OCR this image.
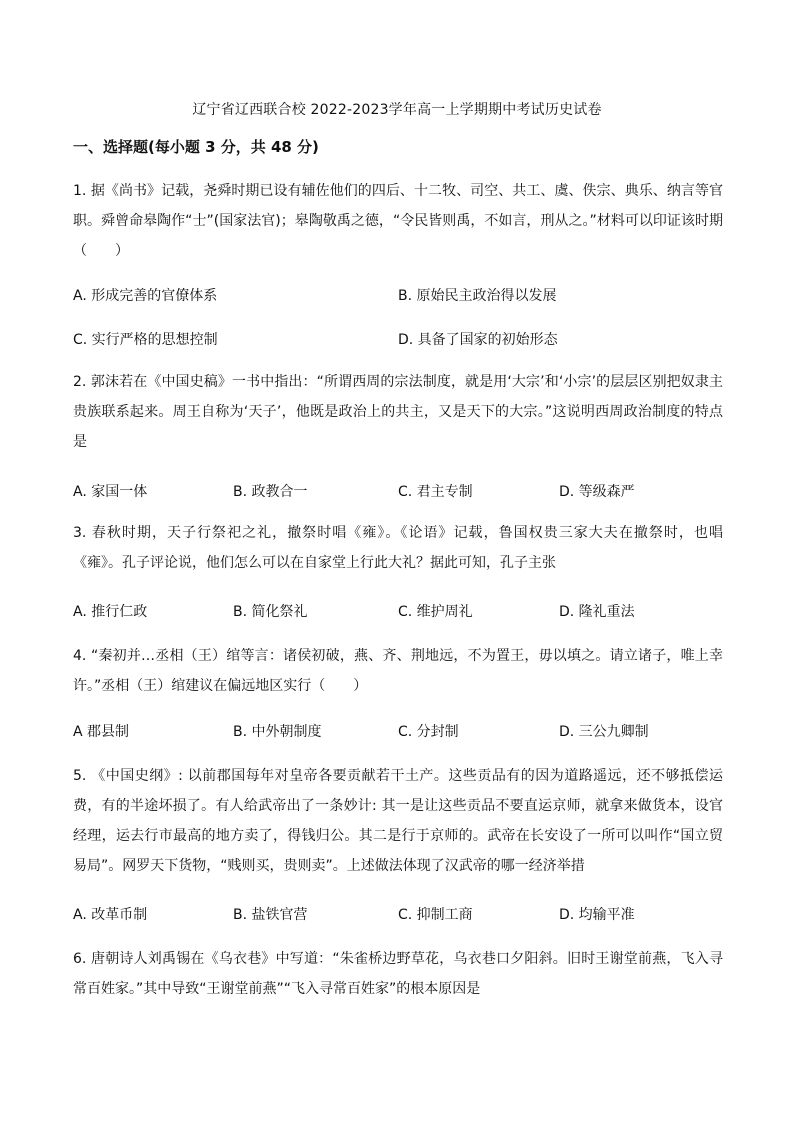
辽宁省辽西联合校 2022-2023学年高一上学期期中考试历史试卷
一、选择题(每小题 3 分，共 48 分)

1. 据《尚书》记载，尧舜时期已设有辅佐他们的四后、十二牧、司空、共工、虞、佚宗、典乐、纳言等官职。舜曾命皋陶作“士”(国家法官)；皋陶敬禹之德，“令民皆则禹，不如言，刑从之。”材料可以印证该时期（　　）

A. 形成完善的官僚体系	B. 原始民主政治得以发展
C. 实行严格的思想控制	D. 具备了国家的初始形态

2. 郭沫若在《中国史稿》一书中指出：“所谓西周的宗法制度，就是用‘大宗’和‘小宗’的层层区别把奴隶主贵族联系起来。周王自称为‘天子’，他既是政治上的共主，又是天下的大宗。”这说明西周政治制度的特点是

A. 家国一体	B. 政教合一	C. 君主专制	D. 等级森严

3. 春秋时期，天子行祭祀之礼，撤祭时唱《雍》。《论语》记载，鲁国权贵三家大夫在撤祭时，也唱《雍》。孔子评论说，他们怎么可以在自家堂上行此大礼？据此可知，孔子主张

A. 推行仁政	B. 简化祭礼	C. 维护周礼	D. 隆礼重法

4. “秦初并…丞相（王）绾等言：诸侯初破，燕、齐、荆地远，不为置王，毋以填之。请立诸子，唯上幸许。”丞相（王）绾建议在偏远地区实行（　　）

A 郡县制	B. 中外朝制度	C. 分封制	D. 三公九卿制

5. 《中国史纲》: 以前郡国每年对皇帝各要贡献若干土产。这些贡品有的因为道路遥远，还不够抵偿运费，有的半途坏损了。有人给武帝出了一条妙计: 其一是让这些贡品不要直运京师，就拿来做货本，设官经理，运去行市最高的地方卖了，得钱归公。其二是行于京师的。武帝在长安设了一所可以叫作“国立贸易局”。网罗天下货物，“贱则买，贵则卖”。上述做法体现了汉武帝的哪一经济举措

A. 改革币制	B. 盐铁官营	C. 抑制工商	D. 均输平准

6. 唐朝诗人刘禹锡在《乌衣巷》中写道：“朱雀桥边野草花，乌衣巷口夕阳斜。旧时王谢堂前燕，飞入寻常百姓家。”其中导致“王谢堂前燕”“飞入寻常百姓家”的根本原因是
